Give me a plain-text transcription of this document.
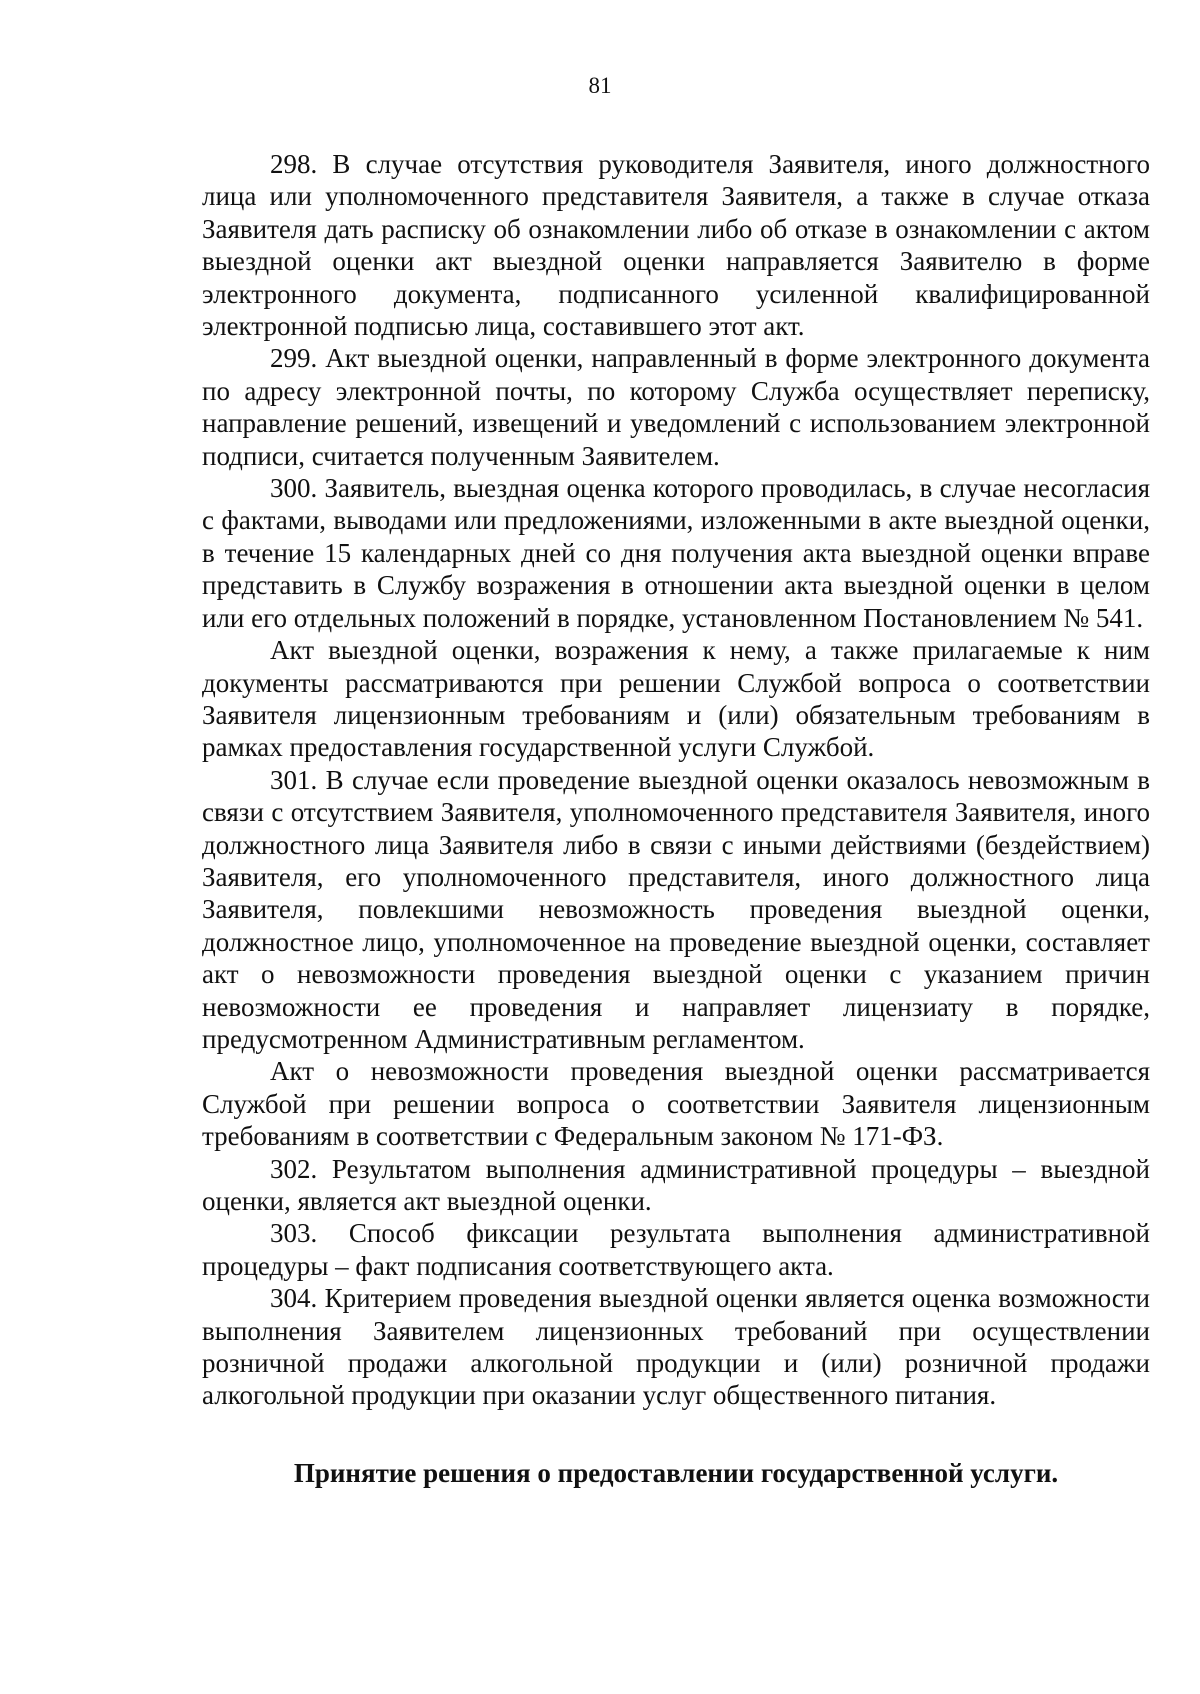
81

298. В случае отсутствия руководителя Заявителя, иного должностного лица или уполномоченного представителя Заявителя, а также в случае отказа Заявителя дать расписку об ознакомлении либо об отказе в ознакомлении с актом выездной оценки акт выездной оценки направляется Заявителю в форме электронного документа, подписанного усиленной квалифицированной электронной подписью лица, составившего этот акт.

299. Акт выездной оценки, направленный в форме электронного документа по адресу электронной почты, по которому Служба осуществляет переписку, направление решений, извещений и уведомлений с использованием электронной подписи, считается полученным Заявителем.

300. Заявитель, выездная оценка которого проводилась, в случае несогласия с фактами, выводами или предложениями, изложенными в акте выездной оценки, в течение 15 календарных дней со дня получения акта выездной оценки вправе представить в Службу возражения в отношении акта выездной оценки в целом или его отдельных положений в порядке, установленном Постановлением № 541.

Акт выездной оценки, возражения к нему, а также прилагаемые к ним документы рассматриваются при решении Службой вопроса о соответствии Заявителя лицензионным требованиям и (или) обязательным требованиям в рамках предоставления государственной услуги Службой.

301. В случае если проведение выездной оценки оказалось невозможным в связи с отсутствием Заявителя, уполномоченного представителя Заявителя, иного должностного лица Заявителя либо в связи с иными действиями (бездействием) Заявителя, его уполномоченного представителя, иного должностного лица Заявителя, повлекшими невозможность проведения выездной оценки, должностное лицо, уполномоченное на проведение выездной оценки, составляет акт о невозможности проведения выездной оценки с указанием причин невозможности ее проведения и направляет лицензиату в порядке, предусмотренном Административным регламентом.

Акт о невозможности проведения выездной оценки рассматривается Службой при решении вопроса о соответствии Заявителя лицензионным требованиям в соответствии с Федеральным законом № 171-ФЗ.

302. Результатом выполнения административной процедуры – выездной оценки, является акт выездной оценки.

303. Способ фиксации результата выполнения административной процедуры – факт подписания соответствующего акта.

304. Критерием проведения выездной оценки является оценка возможности выполнения Заявителем лицензионных требований при осуществлении розничной продажи алкогольной продукции и (или) розничной продажи алкогольной продукции при оказании услуг общественного питания.

Принятие решения о предоставлении государственной услуги.
